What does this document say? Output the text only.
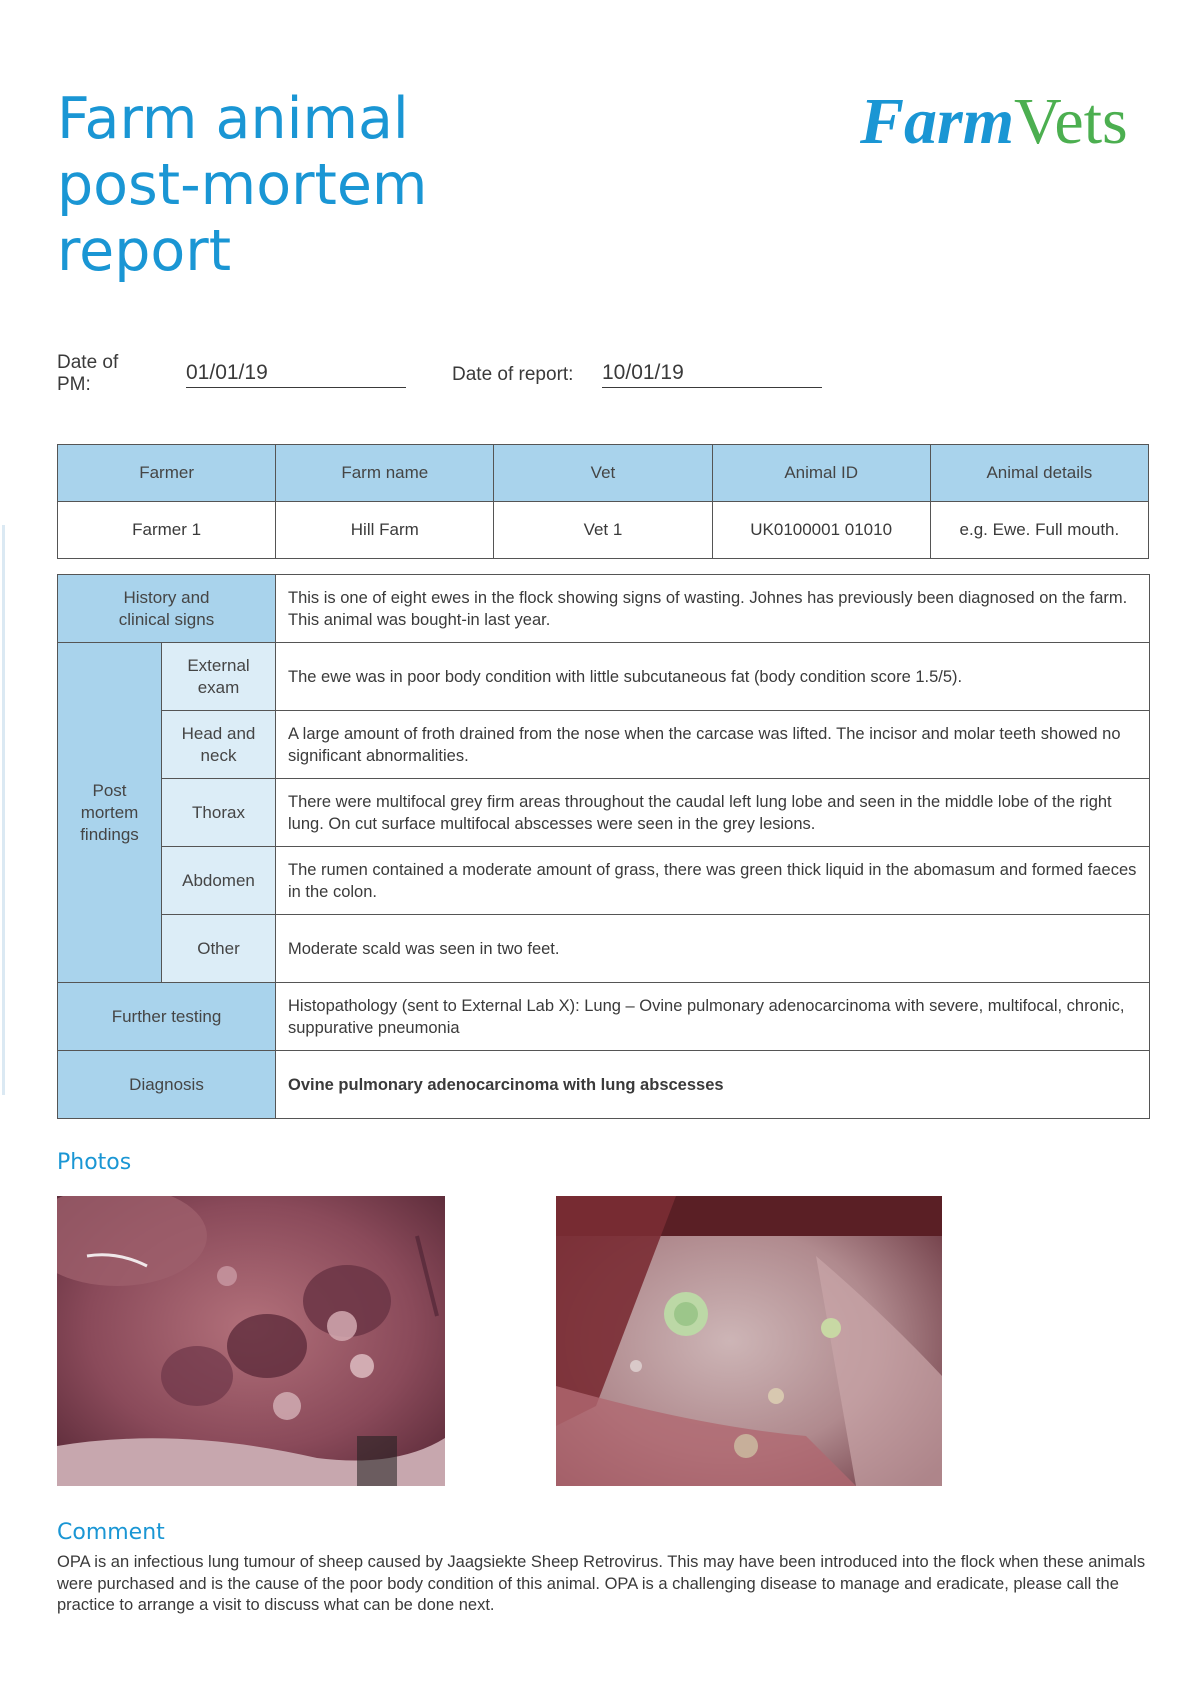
Farm animal
post-mortem
report
FarmVets
Date of
PM:
01/01/19	Date of report: 10/01/19
Farmer	Farm name	Vet	Animal ID	Animal details
Farmer 1	Hill Farm	Vet 1	UK0100001 01010	e.g. Ewe. Full mouth.
History and
clinical signs		This is one of eight ewes in the flock showing signs of wasting. Johnes has previously been diagnosed on the farm. This animal was bought-in last year.
Post
mortem
findings	External
exam	The ewe was in poor body condition with little subcutaneous fat (body condition score 1.5/5).
	Head and
neck	A large amount of froth drained from the nose when the carcase was lifted. The incisor and molar teeth showed no significant abnormalities.
	Thorax	There were multifocal grey firm areas throughout the caudal left lung lobe and seen in the middle lobe of the right lung. On cut surface multifocal abscesses were seen in the grey lesions.
	Abdomen	The rumen contained a moderate amount of grass, there was green thick liquid in the abomasum and formed faeces in the colon.
	Other	Moderate scald was seen in two feet.
Further testing		Histopathology (sent to External Lab X): Lung – Ovine pulmonary adenocarcinoma with severe, multifocal, chronic, suppurative pneumonia
Diagnosis		Ovine pulmonary adenocarcinoma with lung abscesses
Photos
Comment

OPA is an infectious lung tumour of sheep caused by Jaagsiekte Sheep Retrovirus. This may have been introduced into the flock when these animals were purchased and is the cause of the poor body condition of this animal. OPA is a challenging disease to manage and eradicate, please call the practice to arrange a visit to discuss what can be done next.
